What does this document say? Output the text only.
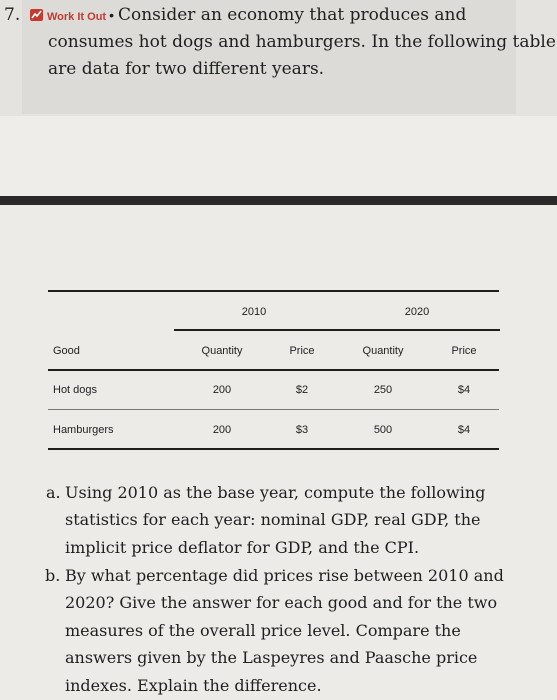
7.	Work It Out • Consider an economy that produces and
consumes hot dogs and hamburgers. In the following table
are data for two different years.
2010	2020
Good	Quantity	Price	Quantity	Price
Hot dogs	200	$2	250	$4
Hamburgers	200	$3	500	$4
a. Using 2010 as the base year, compute the following
statistics for each year: nominal GDP, real GDP, the
implicit price deflator for GDP, and the CPI.
b. By what percentage did prices rise between 2010 and
2020? Give the answer for each good and for the two
measures of the overall price level. Compare the
answers given by the Laspeyres and Paasche price
indexes. Explain the difference.
